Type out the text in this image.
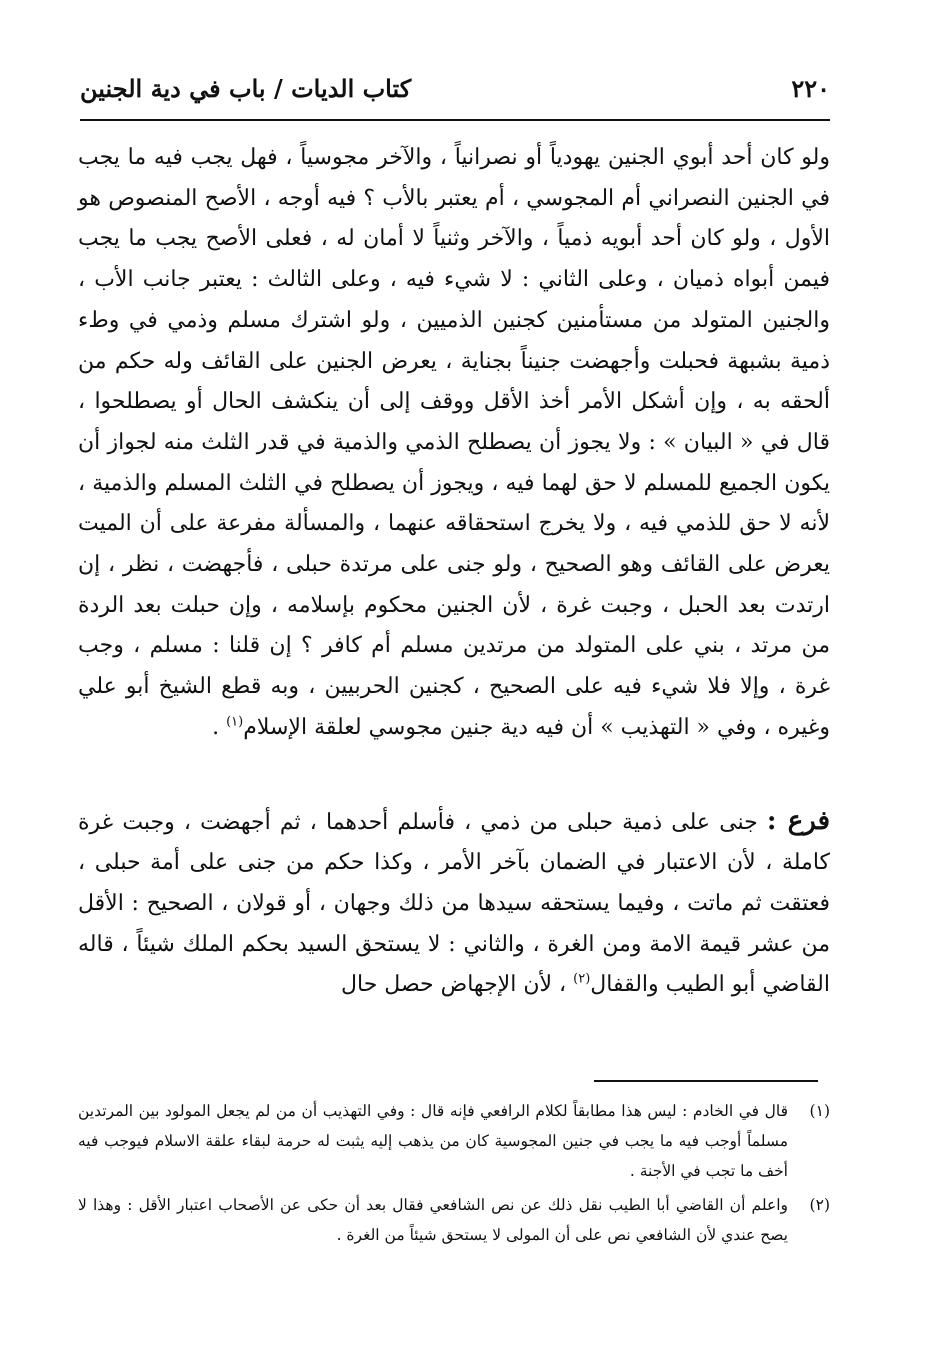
٢٢٠
كتاب الديات / باب في دية الجنين

ولو كان أحد أبوي الجنين يهودياً أو نصرانياً ، والآخر مجوسياً ، فهل يجب فيه ما يجب في الجنين النصراني أم المجوسي ، أم يعتبر بالأب ؟ فيه أوجه ، الأصح المنصوص هو الأول ، ولو كان أحد أبويه ذمياً ، والآخر وثنياً لا أمان له ، فعلى الأصح يجب ما يجب فيمن أبواه ذميان ، وعلى الثاني : لا شيء فيه ، وعلى الثالث : يعتبر جانب الأب ، والجنين المتولد من مستأمنين كجنين الذميين ، ولو اشترك مسلم وذمي في وطء ذمية بشبهة فحبلت وأجهضت جنيناً بجناية ، يعرض الجنين على القائف وله حكم من ألحقه به ، وإن أشكل الأمر أخذ الأقل ووقف إلى أن ينكشف الحال أو يصطلحوا ، قال في « البيان » : ولا يجوز أن يصطلح الذمي والذمية في قدر الثلث منه لجواز أن يكون الجميع للمسلم لا حق لهما فيه ، ويجوز أن يصطلح في الثلث المسلم والذمية ، لأنه لا حق للذمي فيه ، ولا يخرج استحقاقه عنهما ، والمسألة مفرعة على أن الميت يعرض على القائف وهو الصحيح ، ولو جنى على مرتدة حبلى ، فأجهضت ، نظر ، إن ارتدت بعد الحبل ، وجبت غرة ، لأن الجنين محكوم بإسلامه ، وإن حبلت بعد الردة من مرتد ، بني على المتولد من مرتدين مسلم أم كافر ؟ إن قلنا : مسلم ، وجب غرة ، وإلا فلا شيء فيه على الصحيح ، كجنين الحربيين ، وبه قطع الشيخ أبو علي وغيره ، وفي « التهذيب » أن فيه دية جنين مجوسي لعلقة الإسلام$^{(١)}$ .

فرع : جنى على ذمية حبلى من ذمي ، فأسلم أحدهما ، ثم أجهضت ، وجبت غرة كاملة ، لأن الاعتبار في الضمان بآخر الأمر ، وكذا حكم من جنى على أمة حبلى ، فعتقت ثم ماتت ، وفيما يستحقه سيدها من ذلك وجهان ، أو قولان ، الصحيح : الأقل من عشر قيمة الامة ومن الغرة ، والثاني : لا يستحق السيد بحكم الملك شيئاً ، قاله القاضي أبو الطيب والقفال$^{(٢)}$ ، لأن الإجهاض حصل حال

(١)
قال في الخادم : ليس هذا مطابقاً لكلام الرافعي فإنه قال : وفي التهذيب أن من لم يجعل المولود بين المرتدين مسلماً أوجب فيه ما يجب في جنين المجوسية كان من يذهب إليه يثبت له حرمة لبقاء علقة الاسلام فيوجب فيه أخف ما تجب في الأجنة .
(٢)
واعلم أن القاضي أبا الطيب نقل ذلك عن نص الشافعي فقال بعد أن حكى عن الأصحاب اعتبار الأقل : وهذا لا يصح عندي لأن الشافعي نص على أن المولى لا يستحق شيئاً من الغرة .
